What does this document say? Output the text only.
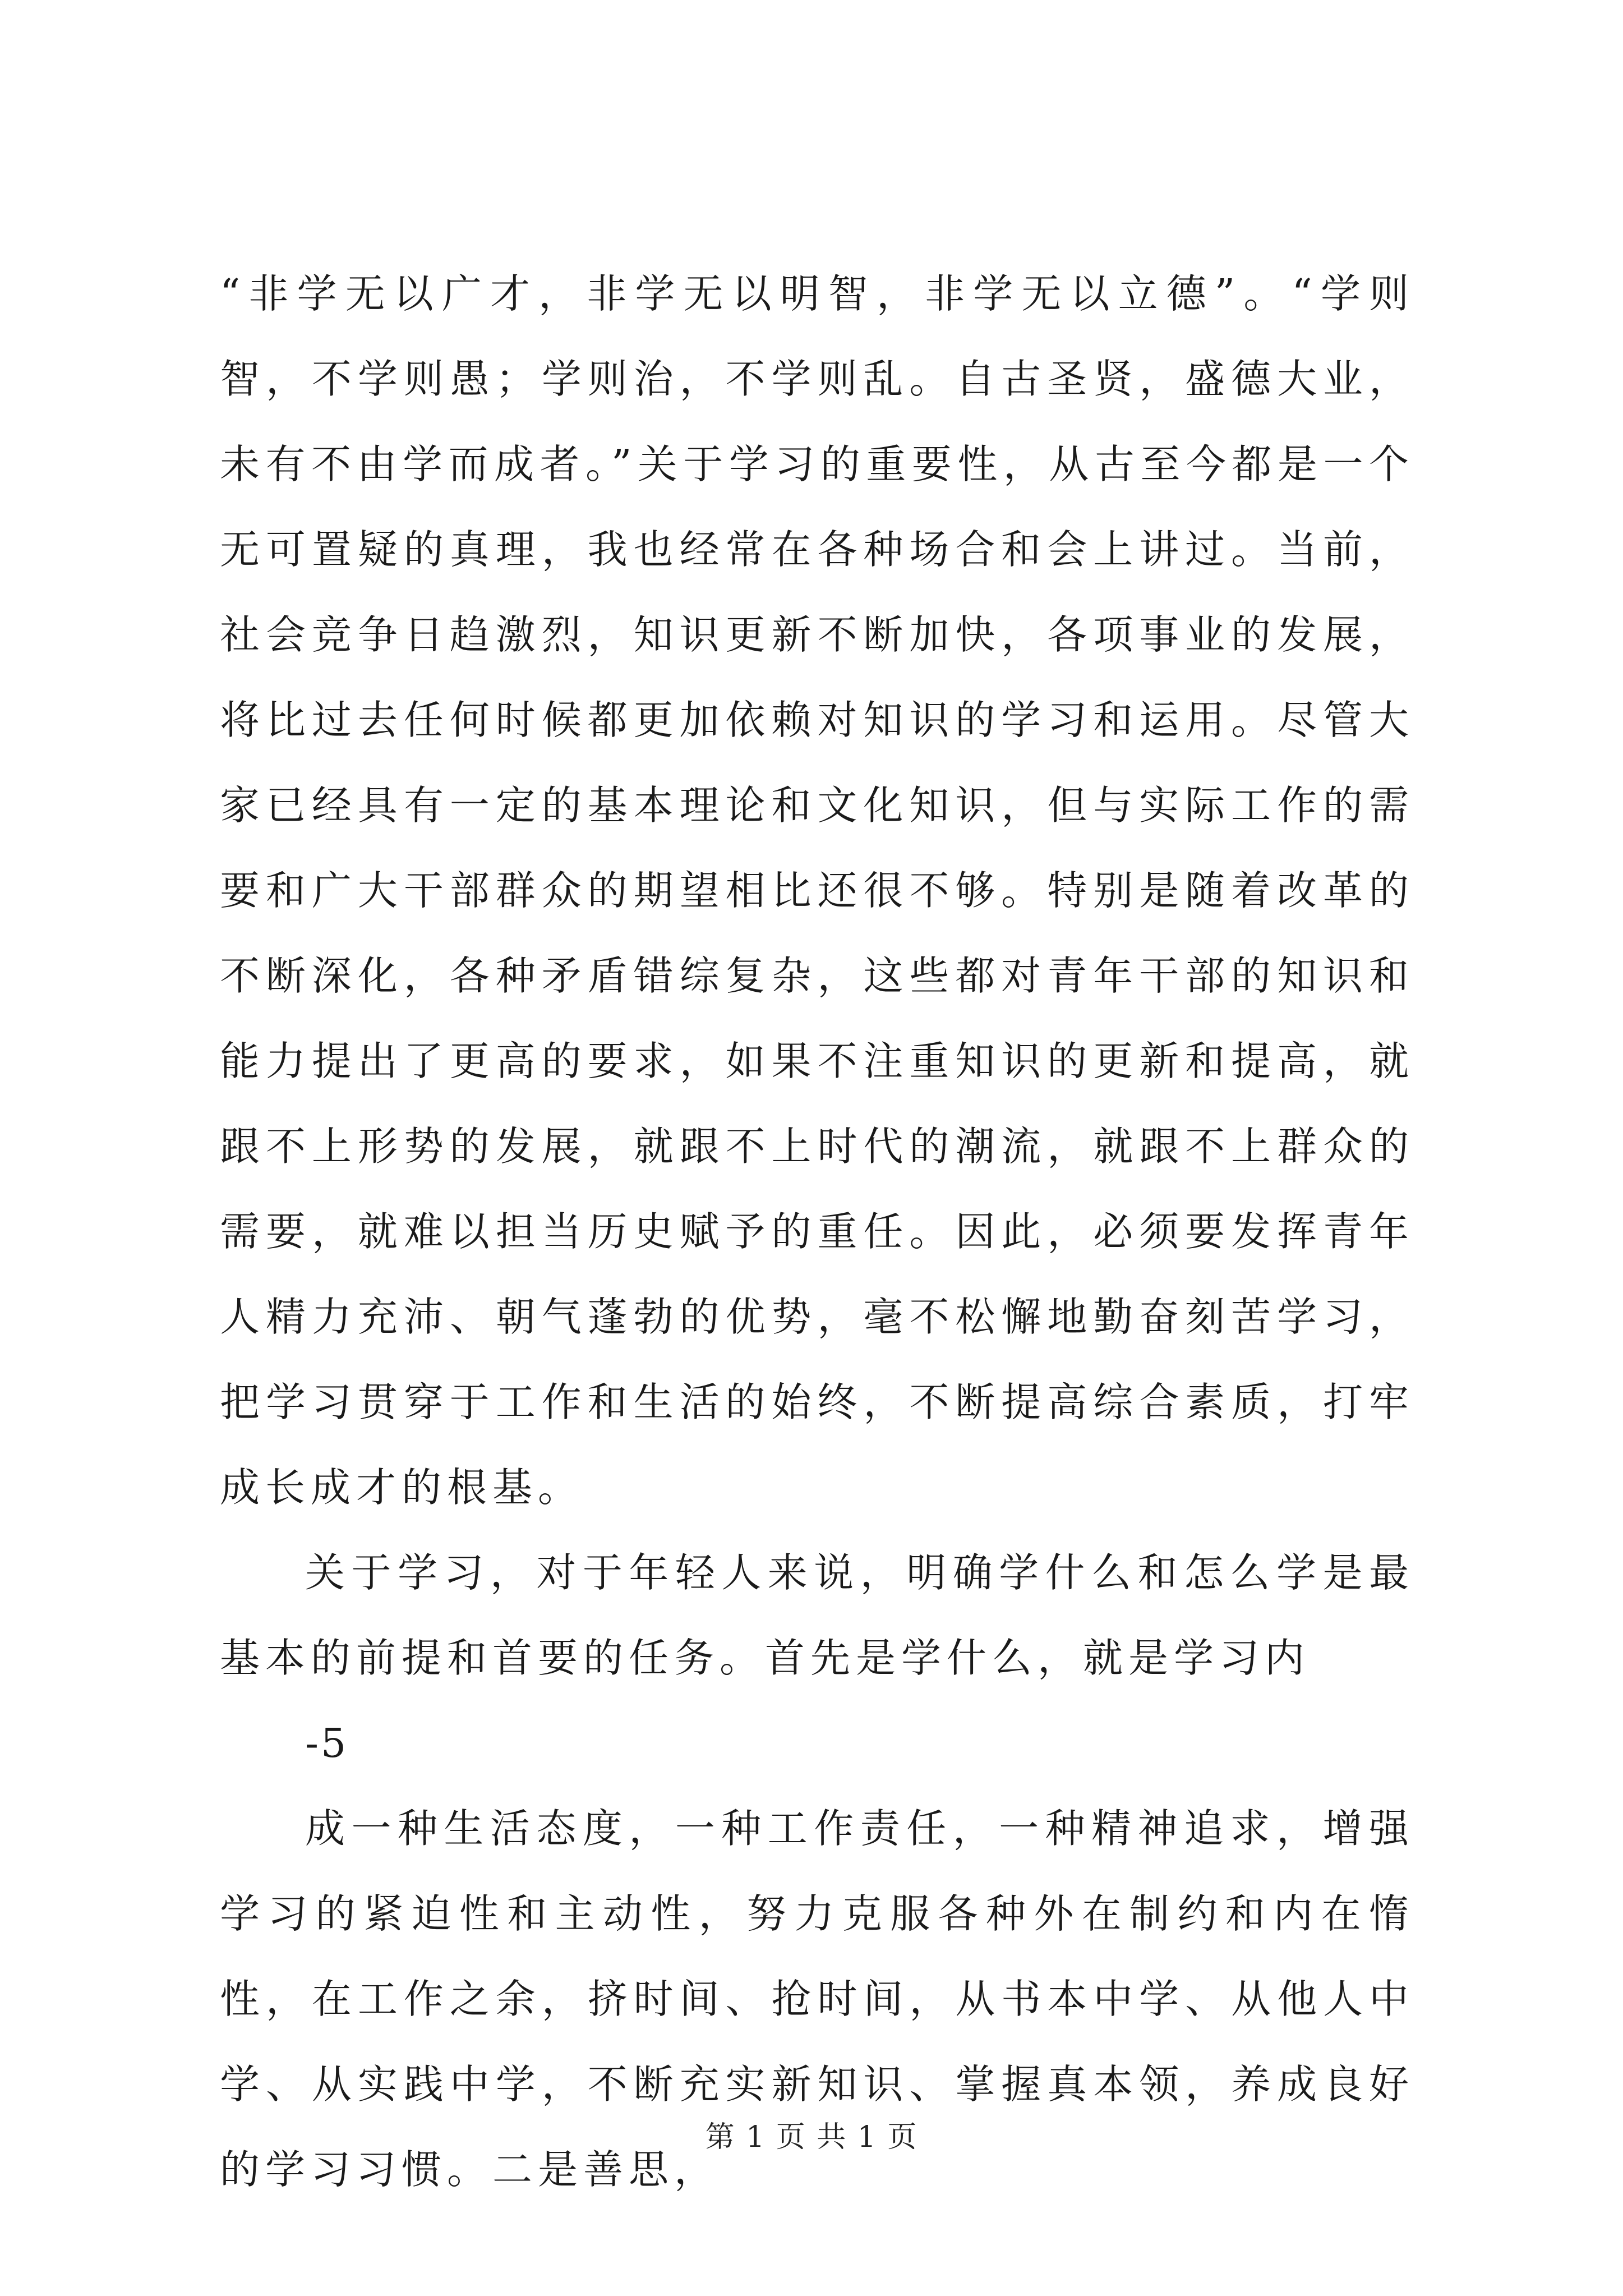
“非学无以广才，非学无以明智，非学无以立德”。“学则智，不学则愚；学则治，不学则乱。自古圣贤，盛德大业，未有不由学而成者。”关于学习的重要性，从古至今都是一个无可置疑的真理，我也经常在各种场合和会上讲过。当前，社会竞争日趋激烈，知识更新不断加快，各项事业的发展，将比过去任何时候都更加依赖对知识的学习和运用。尽管大家已经具有一定的基本理论和文化知识，但与实际工作的需要和广大干部群众的期望相比还很不够。特别是随着改革的不断深化，各种矛盾错综复杂，这些都对青年干部的知识和能力提出了更高的要求，如果不注重知识的更新和提高，就跟不上形势的发展，就跟不上时代的潮流，就跟不上群众的需要，就难以担当历史赋予的重任。因此，必须要发挥青年人精力充沛、朝气蓬勃的优势，毫不松懈地勤奋刻苦学习，把学习贯穿于工作和生活的始终，不断提高综合素质，打牢成长成才的根基。

关于学习，对于年轻人来说，明确学什么和怎么学是最基本的前提和首要的任务。首先是学什么，就是学习内

-5

成一种生活态度，一种工作责任，一种精神追求，增强学习的紧迫性和主动性，努力克服各种外在制约和内在惰性，在工作之余，挤时间、抢时间，从书本中学、从他人中学、从实践中学，不断充实新知识、掌握真本领，养成良好的学习习惯。二是善思，

第 1 页 共 1 页
